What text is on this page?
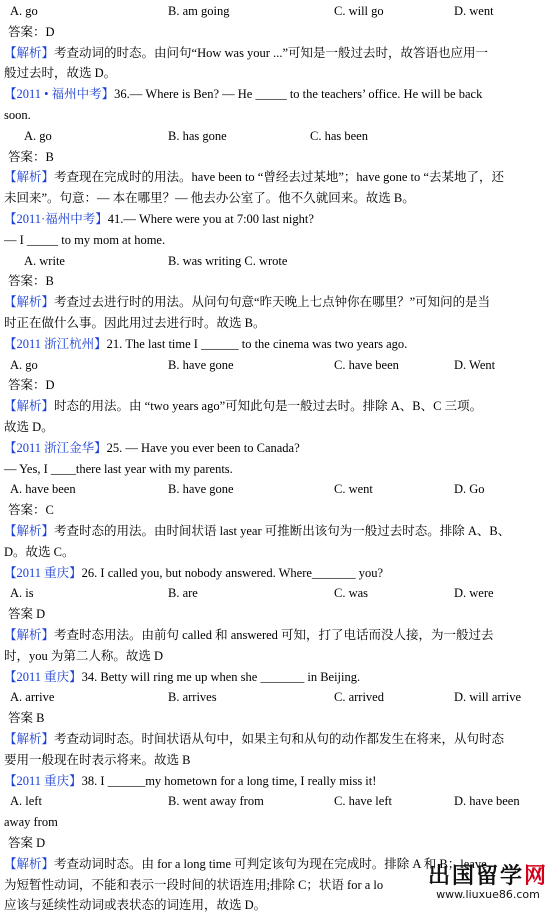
A. go	B. am going	C. will go	D. went
答案：D
【解析】考查动词的时态。由问句“How was your ...”可知是一般过去时，故答语也应用一
般过去时，故选 D。
【2011 • 福州中考】36.— Where is Ben? — He _____ to the teachers’ office. He will be back
soon.
A. go	B. has gone	C. has been
答案：B
【解析】考查现在完成时的用法。have been to “曾经去过某地”；have gone to “去某地了，还
未回来”。句意：— 本在哪里？— 他去办公室了。他不久就回来。故选 B。
【2011·福州中考】41.— Where were you at 7:00 last night?
— I _____ to my mom at home.
A. write	B. was writing C. wrote
答案：B
【解析】考查过去进行时的用法。从问句句意“昨天晚上七点钟你在哪里？”可知问的是当
时正在做什么事。因此用过去进行时。故选 B。
【2011 浙江杭州】21. The last time I ______ to the cinema was two years ago.
A. go	B. have gone	C. have been	D. Went
答案：D
【解析】时态的用法。由 “two years ago”可知此句是一般过去时。排除 A、B、C 三项。
故选 D。
【2011 浙江金华】25. — Have you ever been to Canada?
— Yes, I ____there last year with my parents.
A. have been	B. have gone	C. went	D. Go
答案：C
【解析】考查时态的用法。由时间状语 last year 可推断出该句为一般过去时态。排除 A、B、
D。故选 C。
【2011 重庆】26. I called you, but nobody answered. Where_______ you?
A. is	B. are	C. was	D. were
答案 D
【解析】考查时态用法。由前句 called 和 answered 可知，打了电话而没人接，为一般过去
时，you 为第二人称。故选 D
【2011 重庆】34. Betty will ring me up when she _______ in Beijing.
A. arrive	B. arrives	C. arrived	D. will arrive
答案 B
【解析】考查动词时态。时间状语从句中，如果主句和从句的动作都发生在将来，从句时态
要用一般现在时表示将来。故选 B
【2011 重庆】38. I ______my hometown for a long time, I really miss it!
A. left	B. went away from	C. have left	D. have been
away from
答案 D
【解析】考查动词时态。由 for a long time 可判定该句为现在完成时。排除 A 和 B；leave
为短暂性动词，不能和表示一段时间的状语连用;排除 C；状语 for a lo
应该与延续性动词或表状态的词连用，故选 D。
出国留学网
www.liuxue86.com
